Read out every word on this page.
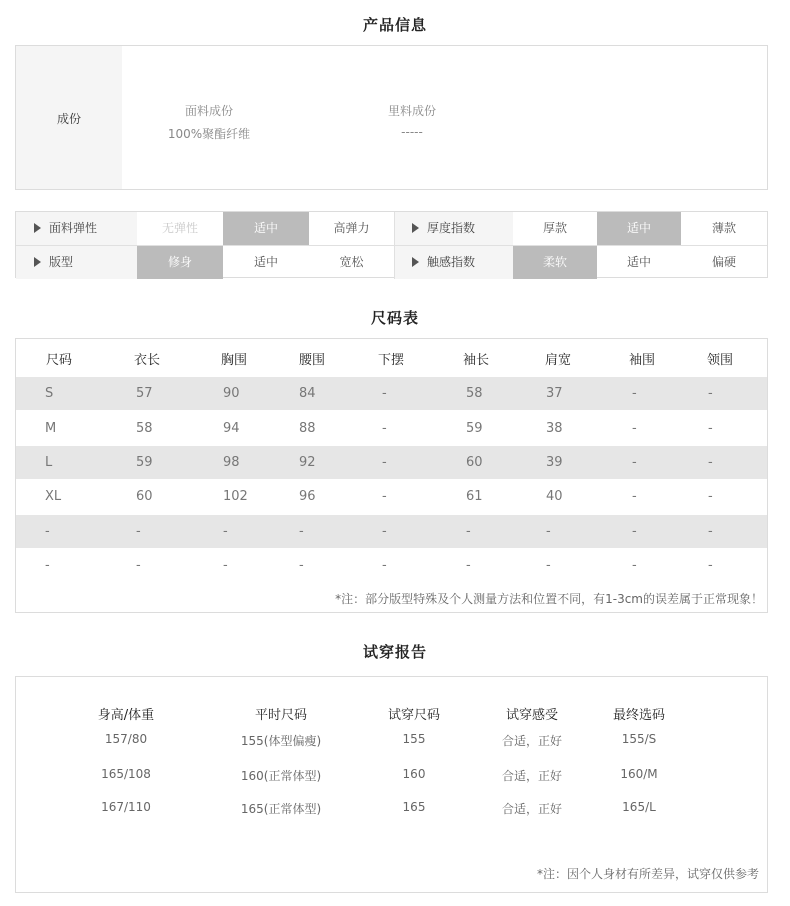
产品信息
成份
面料成份
100%聚酯纤维
里料成份
-----
面料弹性	无弹性	适中	高弹力	厚度指数	厚款	适中	薄款
版型	修身	适中	宽松	触感指数	柔软	适中	偏硬
尺码表
尺码	衣长	胸围	腰围	下摆	袖长	肩宽	袖围	领围
S	57	90	84	-	58	37	-	-
M	58	94	88	-	59	38	-	-
L	59	98	92	-	60	39	-	-
XL	60	102	96	-	61	40	-	-
-	-	-	-	-	-	-	-	-
-	-	-	-	-	-	-	-	-
*注：部分版型特殊及个人测量方法和位置不同，有1-3cm的误差属于正常现象！
试穿报告
身高/体重	平时尺码	试穿尺码	试穿感受	最终选码
157/80	155(体型偏瘦)	155	合适，正好	155/S
165/108	160(正常体型)	160	合适，正好	160/M
167/110	165(正常体型)	165	合适，正好	165/L
*注：因个人身材有所差异，试穿仅供参考
